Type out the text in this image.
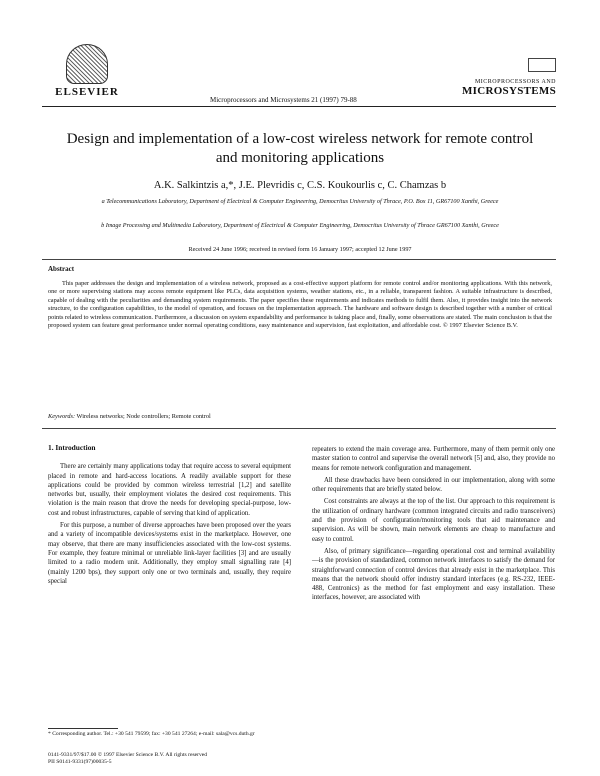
ELSEVIER
Microprocessors and Microsystems 21 (1997) 79-88
MICROPROCESSORS AND
MICROSYSTEMS
Design and implementation of a low-cost wireless network for remote control and monitoring applications
A.K. Salkintzis a,*, J.E. Plevridis c, C.S. Koukourlis c, C. Chamzas b
a Telecommunications Laboratory, Department of Electrical & Computer Engineering, Democritus University of Thrace, P.O. Box 11, GR67100 Xanthi, Greece
b Image Processing and Multimedia Laboratory, Department of Electrical & Computer Engineering, Democritus University of Thrace GR67100 Xanthi, Greece
Received 24 June 1996; received in revised form 16 January 1997; accepted 12 June 1997
Abstract
This paper addresses the design and implementation of a wireless network, proposed as a cost-effective support platform for remote control and/or monitoring applications. With this network, one or more supervising stations may access remote equipment like PLCs, data acquisition systems, weather stations, etc., in a reliable, transparent fashion. A suitable infrastructure is described, capable of dealing with the peculiarities and demanding system requirements. The paper specifies these requirements and indicates methods to fulfil them. Also, it provides insight into the network structure, to the configuration capabilities, to the model of operation, and focuses on the implementation approach. The hardware and software design is described together with a number of critical points related to wireless communication. Furthermore, a discussion on system expandability and performance is taking place and, finally, some observations are stated. The main conclusion is that the proposed system can feature great performance under normal operating conditions, easy maintenance and supervision, fast exploitation, and affordable cost. © 1997 Elsevier Science B.V.
Keywords: Wireless networks; Node controllers; Remote control
1. Introduction

There are certainly many applications today that require access to several equipment placed in remote and hard-access locations. A readily available support for these applications could be provided by common wireless terrestrial [1,2] and satellite networks but, usually, their employment violates the desired cost requirements. This violation is the main reason that drove the needs for developing special-purpose, low-cost and robust infrastructures, capable of serving that kind of application.

For this purpose, a number of diverse approaches have been proposed over the years and a variety of incompatible devices/systems exist in the marketplace. However, one may observe, that there are many insufficiencies associated with the low-cost systems. For example, they feature minimal or unreliable link-layer facilities [3] and are usually limited to a radio modem unit. Additionally, they employ small signalling rate [4] (mainly 1200 bps), they support only one or two terminals and, usually, they require special

repeaters to extend the main coverage area. Furthermore, many of them permit only one master station to control and supervise the overall network [5] and, also, they provide no means for remote network configuration and management.

All these drawbacks have been considered in our implementation, along with some other requirements that are briefly stated below.

Cost constraints are always at the top of the list. Our approach to this requirement is the utilization of ordinary hardware (common integrated circuits and radio transceivers) and the provision of configuration/monitoring tools that aid maintenance and supervision. As will be shown, main network elements are cheap to manufacture and easy to control.

Also, of primary significance—regarding operational cost and terminal availability—is the provision of standardized, common network interfaces to satisfy the demand for straightforward connection of control devices that already exist in the marketplace. This means that the network should offer industry standard interfaces (e.g. RS-232, IEEE-488, Centronics) as the method for fast employment and easy installation. These interfaces, however, are associated with

* Corresponding author. Tel.: +30 541 79599; fax: +30 541 27264; e-mail: sala@vcs.duth.gr
0141-9331/97/$17.00 © 1997 Elsevier Science B.V. All rights reserved
PII S0141-9331(97)00035-5
